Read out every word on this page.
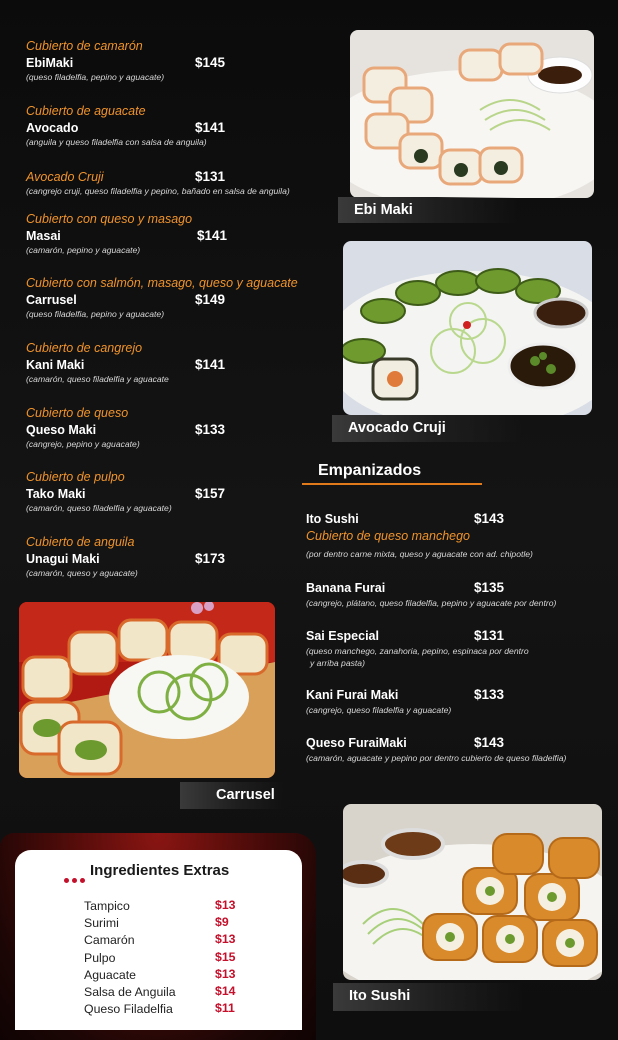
Cubierto de camarón
EbiMaki	$145
(queso filadelfia, pepino y aguacate)
Cubierto de aguacate
Avocado	$141
(anguila y queso filadelfia con salsa de anguila)
Avocado Cruji	$131
(cangrejo cruji, queso filadelfia y pepino, bañado en salsa de anguila)
Cubierto con queso y masago
Masai	$141
(camarón, pepino y aguacate)
Cubierto con salmón, masago, queso y aguacate
Carrusel	$149
(queso filadelfia, pepino y aguacate)
Cubierto de cangrejo
Kani Maki	$141
(camarón, queso filadelfia y aguacate
Cubierto de queso
Queso Maki	$133
(cangrejo, pepino y aguacate)
Cubierto de pulpo
Tako Maki	$157
(camarón, queso filadelfia y aguacate)
Cubierto de anguila
Unagui Maki	$173
(camarón, queso y aguacate)
Ebi Maki
Avocado Cruji
Empanizados
Ito Sushi	$143
Cubierto de queso manchego
(por dentro carne mixta, queso y aguacate con ad. chipotle)
Banana Furai	$135
(cangrejo, plátano, queso filadelfia, pepino y aguacate por dentro)
Sai Especial	$131
(queso manchego, zanahoria, pepino, espinaca por dentro
y arriba pasta)
Kani Furai Maki	$133
(cangrejo, queso filadelfia y aguacate)
Queso FuraiMaki	$143
(camarón, aguacate y pepino por dentro cubierto de queso filadelfia)
Carrusel
Ito Sushi
Ingredientes Extras
Tampico	$13
Surimi	$9
Camarón	$13
Pulpo	$15
Aguacate	$13
Salsa de Anguila	$14
Queso Filadelfia	$11
